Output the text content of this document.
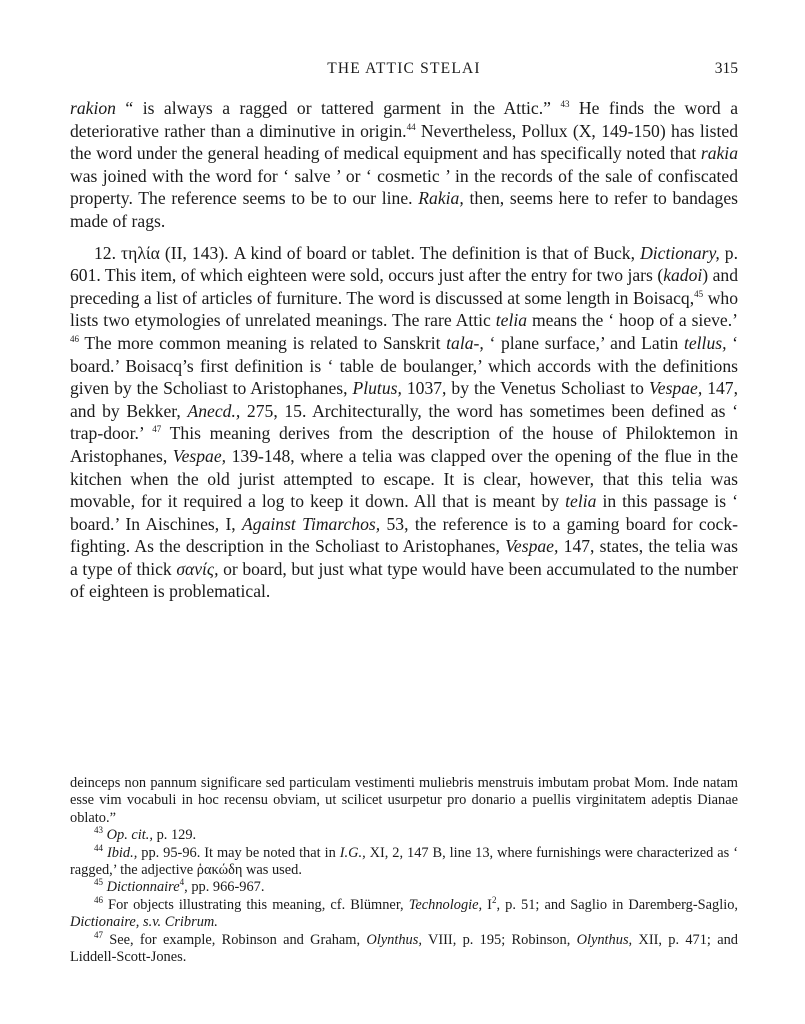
THE ATTIC STELAI	315

rakion “ is always a ragged or tattered garment in the Attic.” $^{43}$ He finds the word a deteriorative rather than a diminutive in origin.$^{44}$ Nevertheless, Pollux (X, 149-150) has listed the word under the general heading of medical equipment and has specifically noted that rakia was joined with the word for ‘ salve ’ or ‘ cosmetic ’ in the records of the sale of confiscated property. The reference seems to be to our line. Rakia, then, seems here to refer to bandages made of rags.

12. τηλία (II, 143). A kind of board or tablet. The definition is that of Buck, Dictionary, p. 601. This item, of which eighteen were sold, occurs just after the entry for two jars (kadoi) and preceding a list of articles of furniture. The word is discussed at some length in Boisacq,$^{45}$ who lists two etymologies of unrelated meanings. The rare Attic telia means the ‘ hoop of a sieve.’ $^{46}$ The more common meaning is related to Sanskrit tala-, ‘ plane surface,’ and Latin tellus, ‘ board.’ Boisacq’s first definition is ‘ table de boulanger,’ which accords with the definitions given by the Scholiast to Aristophanes, Plutus, 1037, by the Venetus Scholiast to Vespae, 147, and by Bekker, Anecd., 275, 15. Architecturally, the word has sometimes been defined as ‘ trap-door.’ $^{47}$ This meaning derives from the description of the house of Philoktemon in Aristophanes, Vespae, 139-148, where a telia was clapped over the opening of the flue in the kitchen when the old jurist attempted to escape. It is clear, however, that this telia was movable, for it required a log to keep it down. All that is meant by telia in this passage is ‘ board.’ In Aischines, I, Against Timarchos, 53, the reference is to a gaming board for cock-fighting. As the description in the Scholiast to Aristophanes, Vespae, 147, states, the telia was a type of thick σανίς, or board, but just what type would have been accumulated to the number of eighteen is problematical.

deinceps non pannum significare sed particulam vestimenti muliebris menstruis imbutam probat Mom. Inde natam esse vim vocabuli in hoc recensu obviam, ut scilicet usurpetur pro donario a puellis virginitatem adeptis Dianae oblato.”

$^{43}$ Op. cit., p. 129.

$^{44}$ Ibid., pp. 95-96. It may be noted that in I.G., XI, 2, 147 B, line 13, where furnishings were characterized as ‘ ragged,’ the adjective ῥακώδη was used.

$^{45}$ Dictionnaire$^4$, pp. 966-967.

$^{46}$ For objects illustrating this meaning, cf. Blümner, Technologie, $I^2$, p. 51; and Saglio in Daremberg-Saglio, Dictionaire, s.v. Cribrum.

$^{47}$ See, for example, Robinson and Graham, Olynthus, VIII, p. 195; Robinson, Olynthus, XII, p. 471; and Liddell-Scott-Jones.
